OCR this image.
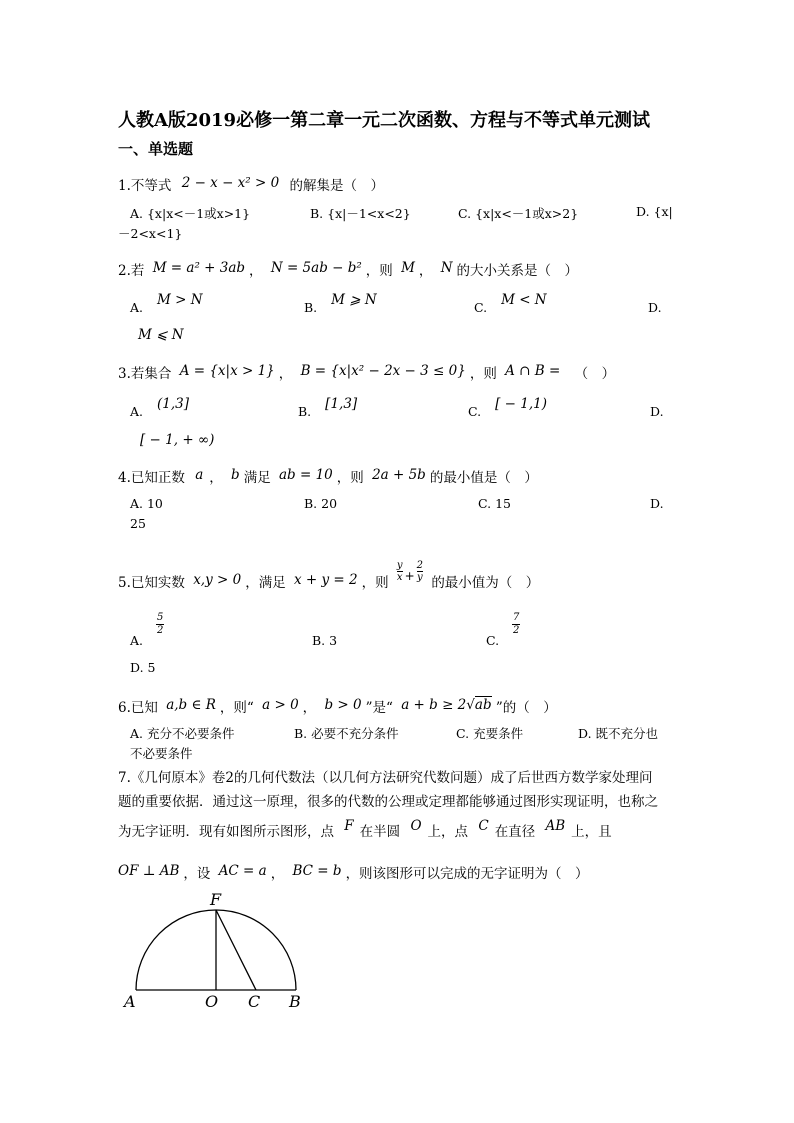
人教A版2019必修一第二章一元二次函数、方程与不等式单元测试
一、单选题
1.不等式 2 − x − x² > 0 的解集是（　）
A. {x|x<－1或x>1}	B. {x|－1<x<2}	C. {x|x<－1或x>2}	D. {x|
－2<x<1}
2.若 M = a² + 3ab ， N = 5ab − b² ，则 M ， N 的大小关系是（　）
A. M > N	B. M ⩾ N	C. M < N	D.
M ⩽ N
3.若集合 A = {x|x > 1} ， B = {x|x² − 2x − 3 ≤ 0} ，则 A ∩ B = （　）
A. (1,3]	B. [1,3]	C. [ − 1,1)	D.
[ − 1, + ∞)
4.已知正数 a ， b 满足 ab = 10 ，则 2a + 5b 的最小值是（　）
A. 10	B. 20	C. 15	D.
25
5.已知实数 x,y > 0 ，满足 x + y = 2 ，则
$\frac{y}{x} + \frac{2}{y}$
的最小值为（　）
A.
$\frac{5}{2}$
B. 3	C.
$\frac{7}{2}$
D. 5
6.已知 a,b ∈ R ，则“ a > 0 ， b > 0 ”是“ a + b ≥ 2√ab ”的（　）
A. 充分不必要条件	B. 必要不充分条件	C. 充要条件	D. 既不充分也
不必要条件
7.《几何原本》卷2的几何代数法（以几何方法研究代数问题）成了后世西方数学家处理问
题的重要依据．通过这一原理，很多的代数的公理或定理都能够通过图形实现证明，也称之
为无字证明．现有如图所示图形，点 F 在半圆 O 上，点 C 在直径 AB 上，且
OF ⊥ AB ，设 AC = a ， BC = b ，则该图形可以完成的无字证明为（　）
F
A	O C B
